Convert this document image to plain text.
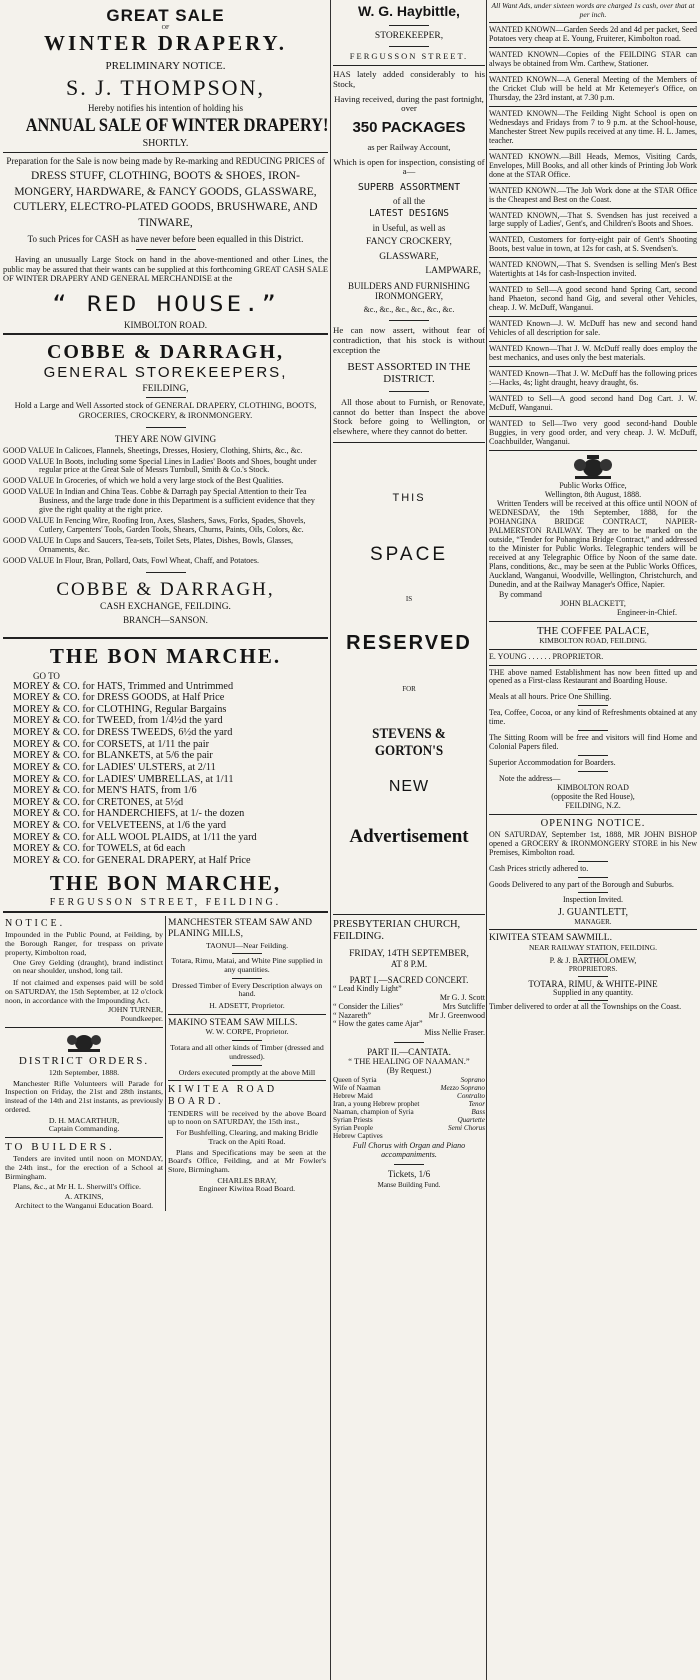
GREAT SALE
OF
WINTER DRAPERY.
PRELIMINARY NOTICE.
S. J. THOMPSON,
Hereby notifies his intention of holding his
ANNUAL SALE OF WINTER DRAPERY!
SHORTLY.
Preparation for the Sale is now being made by Re-marking and REDUCING PRICES of
DRESS STUFF, CLOTHING, BOOTS & SHOES, IRON-MONGERY, HARDWARE, & FANCY GOODS, GLASSWARE, CUTLERY, ELECTRO-PLATED GOODS, BRUSHWARE, AND TINWARE,
To such Prices for CASH as have never before been equalled in this District.
Having an unusually Large Stock on hand in the above-mentioned and other Lines, the public may be assured that their wants can be supplied at this forthcoming GREAT CASH SALE OF WINTER DRAPERY AND GENERAL MERCHANDISE at the
“ RED HOUSE.”
KIMBOLTON ROAD.
COBBE & DARRAGH,
GENERAL STOREKEEPERS,
FEILDING,
Hold a Large and Well Assorted stock of GENERAL DRAPERY, CLOTHING, BOOTS, GROCERIES, CROCKERY, & IRONMONGERY.
THEY ARE NOW GIVING

GOOD VALUE In Calicoes, Flannels, Sheetings, Dresses, Hosiery, Clothing, Shirts, &c., &c.

GOOD VALUE In Boots, including some Special Lines in Ladies' Boots and Shoes, bought under regular price at the Great Sale of Messrs Turnbull, Smith & Co.'s Stock.

GOOD VALUE In Groceries, of which we hold a very large stock of the Best Qualities.

GOOD VALUE In Indian and China Teas. Cobbe & Darragh pay Special Attention to their Tea Business, and the large trade done in this Department is a sufficient evidence that they give the right quality at the right price.

GOOD VALUE In Fencing Wire, Roofing Iron, Axes, Slashers, Saws, Forks, Spades, Shovels, Cutlery, Carpenters' Tools, Garden Tools, Shears, Churns, Paints, Oils, Colors, &c.

GOOD VALUE In Cups and Saucers, Tea-sets, Toilet Sets, Plates, Dishes, Bowls, Glasses, Ornaments, &c.

GOOD VALUE In Flour, Bran, Pollard, Oats, Fowl Wheat, Chaff, and Potatoes.

COBBE & DARRAGH,
CASH EXCHANGE, FEILDING.
BRANCH—SANSON.
THE BON MARCHE.
GO TO
MOREY & CO. for HATS, Trimmed and Untrimmed
MOREY & CO. for DRESS GOODS, at Half Price
MOREY & CO. for CLOTHING, Regular Bargains
MOREY & CO. for TWEED, from 1/4½d the yard
MOREY & CO. for DRESS TWEEDS, 6½d the yard
MOREY & CO. for CORSETS, at 1/11 the pair
MOREY & CO. for BLANKETS, at 5/6 the pair
MOREY & CO. for LADIES' ULSTERS, at 2/11
MOREY & CO. for LADIES' UMBRELLAS, at 1/11
MOREY & CO. for MEN'S HATS, from 1/6
MOREY & CO. for CRETONES, at 5½d
MOREY & CO. for HANDERCHIEFS, at 1/- the dozen
MOREY & CO. for VELVETEENS, at 1/6 the yard
MOREY & CO. for ALL WOOL PLAIDS, at 1/11 the yard
MOREY & CO. for TOWELS, at 6d each
MOREY & CO. for GENERAL DRAPERY, at Half Price
THE BON MARCHE,
FERGUSSON STREET, FEILDING.
NOTICE.

Impounded in the Public Pound, at Feilding, by the Borough Ranger, for trespass on private property, Kimbolton road,

One Grey Gelding (draught), brand indistinct on near shoulder, unshod, long tail.

If not claimed and expenses paid will be sold on SATURDAY, the 15th September, at 12 o'clock noon, in accordance with the Impounding Act.

JOHN TURNER,
Poundkeeper.
DISTRICT ORDERS.
12th September, 1888.

Manchester Rifle Volunteers will Parade for Inspection on Friday, the 21st and 28th instants, instead of the 14th and 21st instants, as previously ordered.

D. H. MACARTHUR,
Captain Commanding.
TO BUILDERS.

Tenders are invited until noon on MONDAY, the 24th inst., for the erection of a School at Birmingham.

Plans, &c., at Mr H. L. Sherwill's Office.

A. ATKINS,
Architect to the Wanganui Education Board.
MANCHESTER STEAM SAW AND PLANING MILLS,
TAONUI—Near Feilding.

Totara, Rimu, Matai, and White Pine supplied in any quantities.

Dressed Timber of Every Description always on hand.

H. ADSETT, Proprietor.
MAKINO STEAM SAW MILLS.
W. W. CORPE, Proprietor.

Totara and all other kinds of Timber (dressed and undressed).

Orders executed promptly at the above Mill

KIWITEA ROAD BOARD.

TENDERS will be received by the above Board up to noon on SATURDAY, the 15th inst.,

For Bushfelling, Clearing, and making Bridle Track on the Apiti Road.

Plans and Specifications may be seen at the Board's Office, Feilding, and at Mr Fowler's Store, Birmingham.

CHARLES BRAY,
Engineer Kiwitea Road Board.
W. G. Haybittle,
STOREKEEPER,
FERGUSSON STREET.

HAS lately added considerably to his Stock,

Having received, during the past fortnight, over

350 PACKAGES

as per Railway Account,

Which is open for inspection, consisting of a—

SUPERB ASSORTMENT
of all the
LATEST DESIGNS
in Useful, as well as
FANCY CROCKERY,
GLASSWARE,
LAMPWARE,
BUILDERS AND FURNISHING IRONMONGERY,
&c., &c., &c., &c., &c., &c.

He can now assert, without fear of contradiction, that his stock is without exception the

BEST ASSORTED IN THE DISTRICT.

All those about to Furnish, or Renovate, cannot do better than Inspect the above Stock before going to Wellington, or elsewhere, where they cannot do better.

THIS
SPACE
IS
RESERVED
FOR
STEVENS & GORTON'S
NEW
Advertisement
PRESBYTERIAN CHURCH, FEILDING.
FRIDAY, 14TH SEPTEMBER,
AT 8 P.M.
PART I.—SACRED CONCERT.
“ Lead Kindly Light”
Mr G. J. Scott
“ Consider the Lilies”	Mrs Sutcliffe
“ Nazareth”	Mr J. Greenwood
“ How the gates came Ajar”
Miss Nellie Fraser.
PART II.—CANTATA.
“ THE HEALING OF NAAMAN.”
(By Request.)
Queen of Syria	Soprano
Wife of Naaman	Mezzo Soprano
Hebrew Maid	Contralto
Iran, a young Hebrew prophet	Tenor
Naaman, champion of Syria	Bass
Syrian Priests	Quartette
Syrian People	Semi Chorus
Hebrew Captives

Full Chorus with Organ and Piano accompaniments.

Tickets, 1/6
Manse Building Fund.
All Want Ads, under sixteen words are charged 1s cash, over that at per inch.
WANTED KNOWN—Garden Seeds 2d and 4d per packet, Seed Potatoes very cheap at E. Young, Fruiterer, Kimbolton road.
WANTED KNOWN—Copies of the FEILDING STAR can always be obtained from Wm. Carthew, Stationer.
WANTED KNOWN—A General Meeting of the Members of the Cricket Club will be held at Mr Ketemeyer's Office, on Thursday, the 23rd instant, at 7.30 p.m.
WANTED KNOWN—The Feilding Night School is open on Wednesdays and Fridays from 7 to 9 p.m. at the School-house, Manchester Street New pupils received at any time. H. L. James, teacher.
WANTED KNOWN.—Bill Heads, Memos, Visiting Cards, Envelopes, Mill Books, and all other kinds of Printing Job Work done at the STAR Office.
WANTED KNOWN.—The Job Work done at the STAR Office is the Cheapest and Best on the Coast.
WANTED KNOWN,—That S. Svendsen has just received a large supply of Ladies', Gent's, and Children's Boots and Shoes.
WANTED, Customers for forty-eight pair of Gent's Shooting Boots, best value in town, at 12s for cash, at S. Svendsen's.
WANTED KNOWN,—That S. Svendsen is selling Men's Best Watertights at 14s for cash-Inspection invited.
WANTED to Sell—A good second hand Spring Cart, second hand Phaeton, second hand Gig, and several other Vehicles, cheap. J. W. McDuff, Wanganui.
WANTED Known—J. W. McDuff has new and second hand Vehicles of all description for sale.
WANTED Known—That J. W. McDuff really does employ the best mechanics, and uses only the best materials.
WANTED Known—That J. W. McDuff has the following prices :—Hacks, 4s; light draught, heavy draught, 6s.
WANTED to Sell—A good second hand Dog Cart. J. W. McDuff, Wanganui.
WANTED to Sell—Two very good second-hand Double Buggies, in very good order, and very cheap. J. W. McDuff, Coachbuilder, Wanganui.
Public Works Office,
Wellington, 8th August, 1888.

Written Tenders will be received at this office until NOON of WEDNESDAY, the 19th September, 1888, for the POHANGINA BRIDGE CONTRACT, NAPIER-PALMERSTON RAILWAY. They are to be marked on the outside, “Tender for Pohangina Bridge Contract,” and addressed to the Minister for Public Works. Telegraphic tenders will be received at any Telegraphic Office by Noon of the same date. Plans, conditions, &c., may be seen at the Public Works Offices, Auckland, Wanganui, Woodville, Wellington, Christchurch, and Dunedin, and at the Railway Manager's Office, Napier.

By command
JOHN BLACKETT,
Engineer-in-Chief.
THE COFFEE PALACE,
KIMBOLTON ROAD, FEILDING.
E. YOUNG . . . . . . PROPRIETOR.

THE above named Establishment has now been fitted up and opened as a First-class Restaurant and Boarding House.

Meals at all hours. Price One Shilling.

Tea, Coffee, Cocoa, or any kind of Refreshments obtained at any time.

The Sitting Room will be free and visitors will find Home and Colonial Papers filed.

Superior Accommodation for Boarders.

Note the address—
KIMBOLTON ROAD
(opposite the Red House),
FEILDING, N.Z.
OPENING NOTICE.

ON SATURDAY, September 1st, 1888, MR JOHN BISHOP opened a GROCERY & IRONMONGERY STORE in his New Premises, Kimbolton road.

Cash Prices strictly adhered to.

Goods Delivered to any part of the Borough and Suburbs.

Inspection Invited.
J. GUANTLETT,
MANAGER.
KIWITEA STEAM SAWMILL.
NEAR RAILWAY STATION, FEILDING.
P. & J. BARTHOLOMEW,
PROPRIETORS.
TOTARA, RIMU, & WHITE-PINE
Supplied in any quantity.

Timber delivered to order at all the Townships on the Coast.
